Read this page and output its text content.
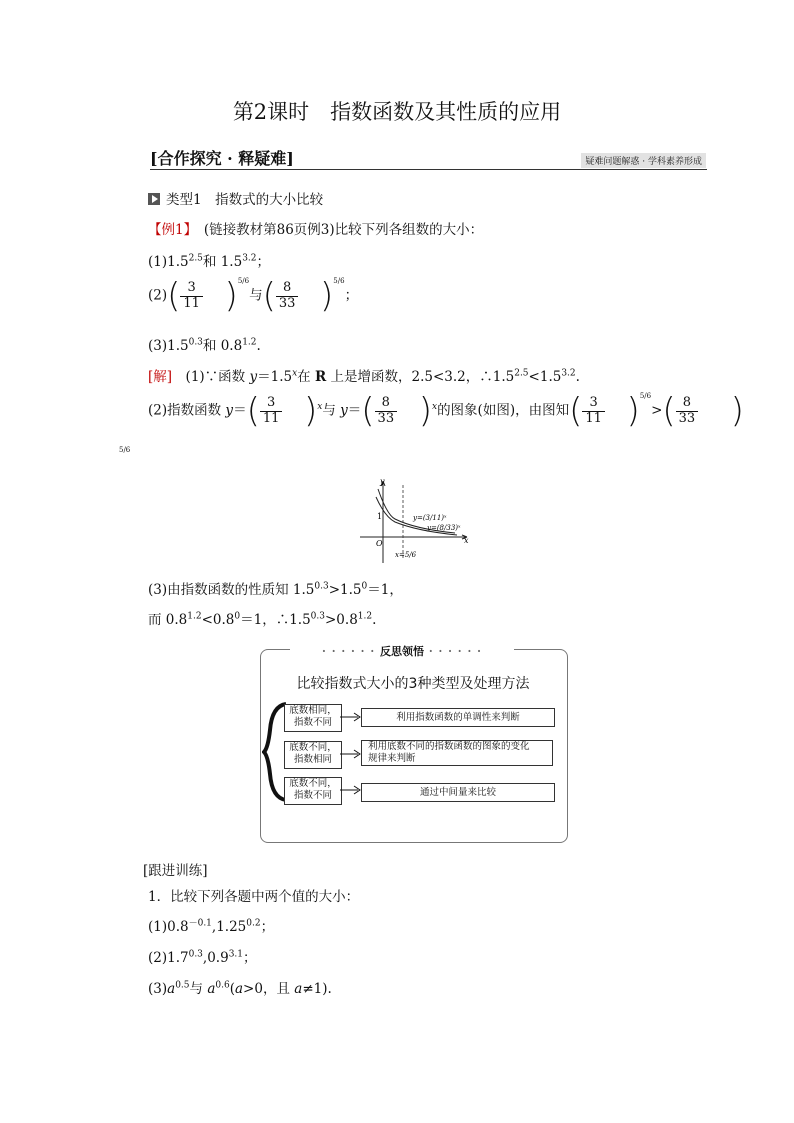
第2课时　指数函数及其性质的应用
[合作探究 · 释疑难]	疑难问题解惑 · 学科素养形成
类型1　指数式的大小比较
【例1】　 (链接教材第86页例3)比较下列各组数的大小：
$(1)1.5^{2.5}$和 $1.5^{3.2}$；
$(2)( \frac{3}{11} )^{5/6}$与( $\frac{8}{33} )^{5/6}$；
$(3)1.5^{0.3}$和 $0.8^{1.2}$.
[解]　 (1)∵函数 $y=1.5^x$在 R 上是增函数，2.5<3.2，$\therefore 1.5^{2.5}<1.5^{3.2}$.
(2)指数函数 $y=( \frac{3}{11} )^x$与 $y=( \frac{8}{33} )^x$的图象(如图)，由图知( $\frac{3}{11} )^{5/6}>( \frac{8}{33}$ )
5/6
y
x
1
O
y=(3/11)ˣ
y=(8/33)ˣ
x=5/6
(3)由指数函数的性质知 $1.5^{0.3}>1.5^0=1$，
而 $0.8^{1.2}<0.8^0=1$，$\therefore 1.5^{0.3}>0.8^{1.2}$.
· · · · · · 反思领悟 · · · · · ·
比较指数式大小的3种类型及处理方法
底数相同，
指数不同
底数不同，
指数相同
底数不同，
指数不同
利用指数函数的单调性来判断
利用底数不同的指数函数的图象的变化
规律来判断
通过中间量来比较
[跟进训练]
1．比较下列各题中两个值的大小：
$(1)0.8^{-0.1},1.25^{0.2}$；
$(2)1.7^{0.3},0.9^{3.1}$；
$(3)a^{0.5}$与 $a^{0.6}(a>0$，且 a≠1).
